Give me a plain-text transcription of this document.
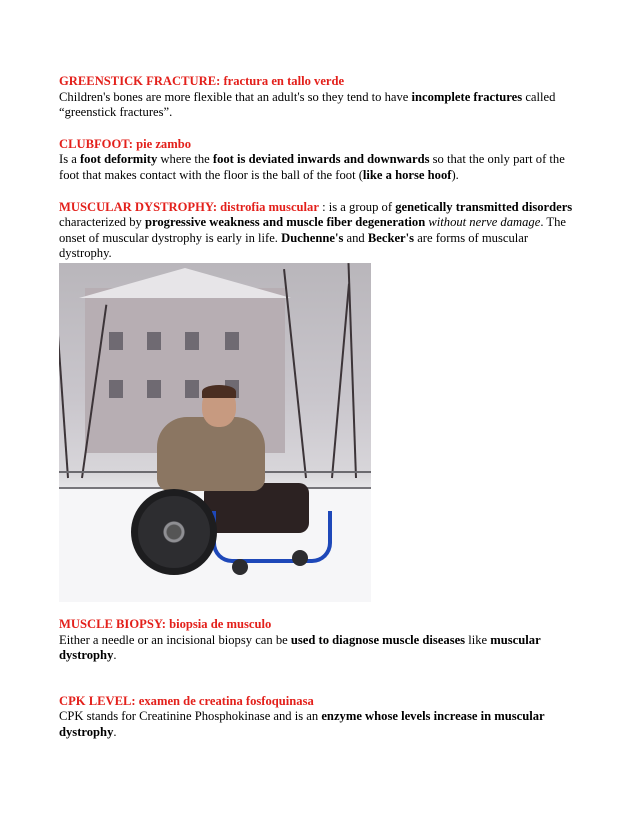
GREENSTICK FRACTURE: fractura en tallo verde

Children's bones are more flexible that an adult's so they tend to have incomplete fractures called “greenstick fractures”.

CLUBFOOT: pie zambo

Is a foot deformity where the foot is deviated inwards and downwards so that the only part of the foot that makes contact with the floor is the ball of the foot (like a horse hoof).

MUSCULAR DYSTROPHY: distrofia muscular : is a group of genetically transmitted disorders characterized by progressive weakness and muscle fiber degeneration without nerve damage. The onset of muscular dystrophy is early in life. Duchenne's and Becker's are forms of muscular dystrophy.

MUSCLE BIOPSY: biopsia de musculo

Either a needle or an incisional biopsy can be used to diagnose muscle diseases like muscular dystrophy.

CPK LEVEL: examen de creatina fosfoquinasa

CPK stands for Creatinine Phosphokinase and is an enzyme whose levels increase in muscular dystrophy.
